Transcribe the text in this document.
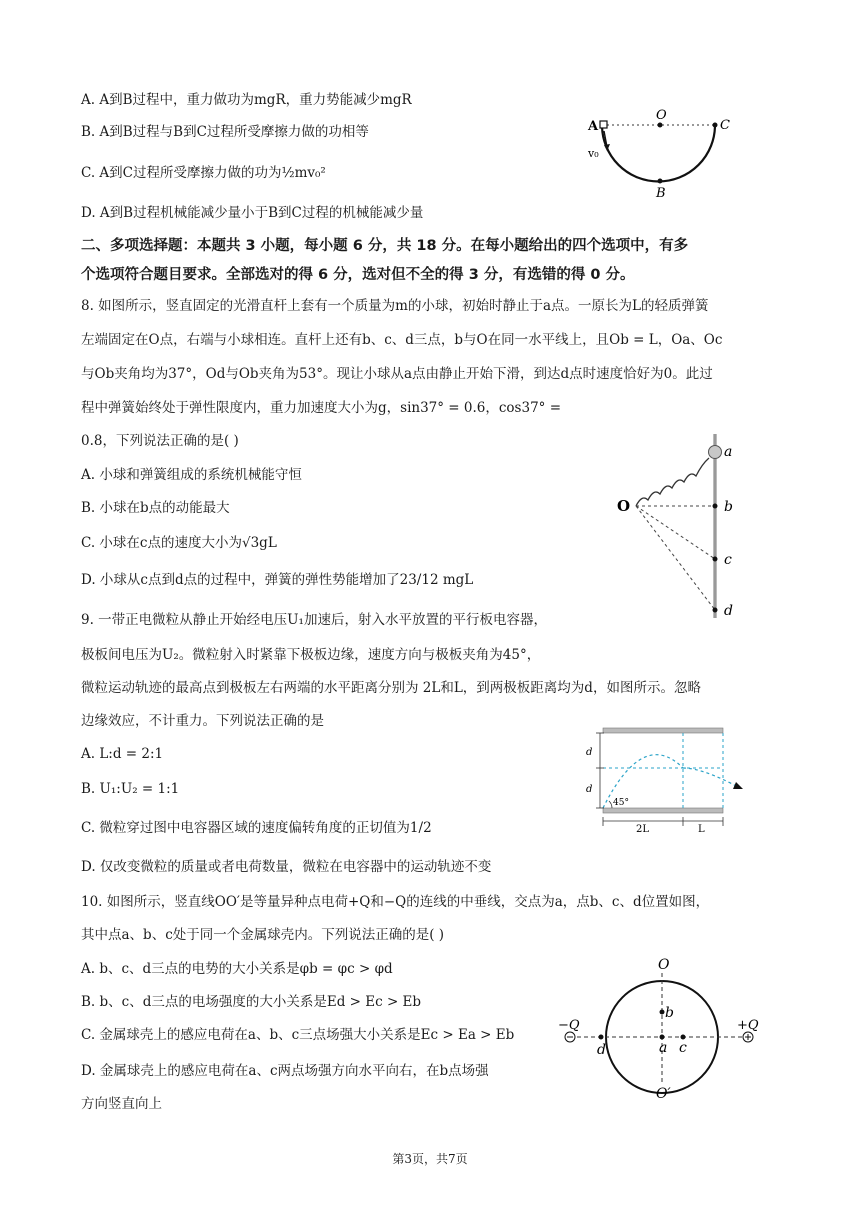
A. A到B过程中，重力做功为mgR，重力势能减少mgR
B. A到B过程与B到C过程所受摩擦力做的功相等
C. A到C过程所受摩擦力做的功为½mv₀²
D. A到B过程机械能减少量小于B到C过程的机械能减少量
A
O
C
B
v₀
二、多项选择题：本题共 3 小题，每小题 6 分，共 18 分。在每小题给出的四个选项中，有多
个选项符合题目要求。全部选对的得 6 分，选对但不全的得 3 分，有选错的得 0 分。
8. 如图所示，竖直固定的光滑直杆上套有一个质量为m的小球，初始时静止于a点。一原长为L的轻质弹簧
左端固定在O点，右端与小球相连。直杆上还有b、c、d三点，b与O在同一水平线上，且Ob = L，Oa、Oc
与Ob夹角均为37°，Od与Ob夹角为53°。现让小球从a点由静止开始下滑，到达d点时速度恰好为0。此过
程中弹簧始终处于弹性限度内，重力加速度大小为g，sin37° = 0.6，cos37° =
0.8，下列说法正确的是( )
A. 小球和弹簧组成的系统机械能守恒
B. 小球在b点的动能最大
C. 小球在c点的速度大小为√3gL
D. 小球从c点到d点的过程中，弹簧的弹性势能增加了23/12 mgL
a
b
c
d
O
9. 一带正电微粒从静止开始经电压U₁加速后，射入水平放置的平行板电容器，
极板间电压为U₂。微粒射入时紧靠下极板边缘，速度方向与极板夹角为45°，
微粒运动轨迹的最高点到极板左右两端的水平距离分别为 2L和L，到两极板距离均为d，如图所示。忽略
边缘效应，不计重力。下列说法正确的是
A. L:d = 2:1
B. U₁:U₂ = 1:1
C. 微粒穿过图中电容器区域的速度偏转角度的正切值为1/2
D. 仅改变微粒的质量或者电荷数量，微粒在电容器中的运动轨迹不变
d
d
45°
2L	L
10. 如图所示，竖直线OO′是等量异种点电荷+Q和−Q的连线的中垂线，交点为a，点b、c、d位置如图，
其中点a、b、c处于同一个金属球壳内。下列说法正确的是( )
A. b、c、d三点的电势的大小关系是φb = φc > φd
B. b、c、d三点的电场强度的大小关系是Ed > Ec > Eb
C. 金属球壳上的感应电荷在a、b、c三点场强大小关系是Ec > Ea > Eb
D. 金属球壳上的感应电荷在a、c两点场强方向水平向右，在b点场强
方向竖直向上
O
O′
−Q	+Q
b
a c
d
第3页，共7页
